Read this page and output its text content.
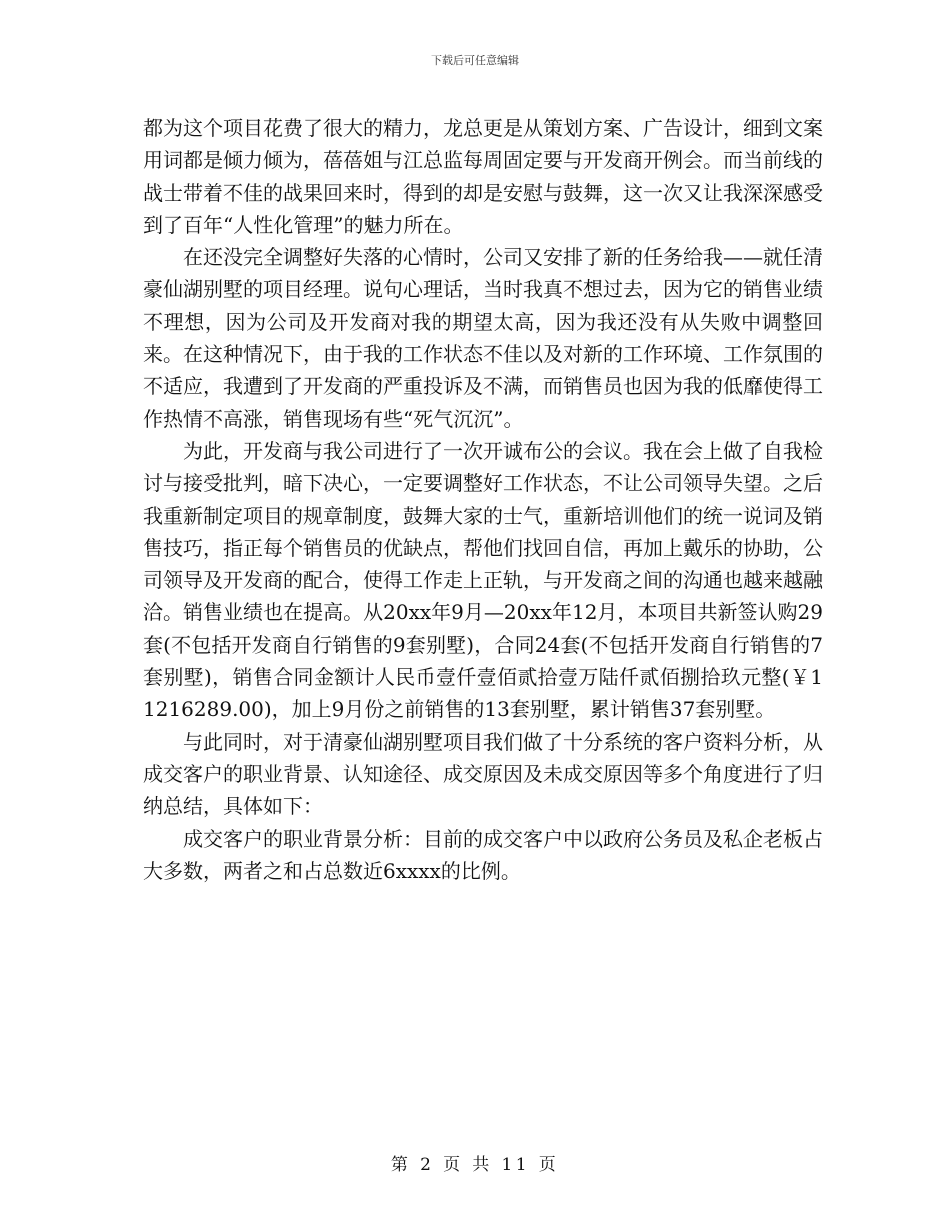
下载后可任意编辑

都为这个项目花费了很大的精力，龙总更是从策划方案、广告设计，细到文案用词都是倾力倾为，蓓蓓姐与江总监每周固定要与开发商开例会。而当前线的战士带着不佳的战果回来时，得到的却是安慰与鼓舞，这一次又让我深深感受到了百年“人性化管理”的魅力所在。

在还没完全调整好失落的心情时，公司又安排了新的任务给我——就任清豪仙湖别墅的项目经理。说句心理话，当时我真不想过去，因为它的销售业绩不理想，因为公司及开发商对我的期望太高，因为我还没有从失败中调整回来。在这种情况下，由于我的工作状态不佳以及对新的工作环境、工作氛围的不适应，我遭到了开发商的严重投诉及不满，而销售员也因为我的低靡使得工作热情不高涨，销售现场有些“死气沉沉”。

为此，开发商与我公司进行了一次开诚布公的会议。我在会上做了自我检讨与接受批判，暗下决心，一定要调整好工作状态，不让公司领导失望。之后我重新制定项目的规章制度，鼓舞大家的士气，重新培训他们的统一说词及销售技巧，指正每个销售员的优缺点，帮他们找回自信，再加上戴乐的协助，公司领导及开发商的配合，使得工作走上正轨，与开发商之间的沟通也越来越融洽。销售业绩也在提高。从20xx年9月—20xx年12月，本项目共新签认购29套(不包括开发商自行销售的9套别墅)，合同24套(不包括开发商自行销售的7套别墅)，销售合同金额计人民币壹仟壹佰贰拾壹万陆仟贰佰捌拾玖元整(￥11216289.00)，加上9月份之前销售的13套别墅，累计销售37套别墅。

与此同时，对于清豪仙湖别墅项目我们做了十分系统的客户资料分析，从成交客户的职业背景、认知途径、成交原因及未成交原因等多个角度进行了归纳总结，具体如下：

成交客户的职业背景分析：目前的成交客户中以政府公务员及私企老板占大多数，两者之和占总数近6xxxx的比例。

第 2 页 共 11 页
